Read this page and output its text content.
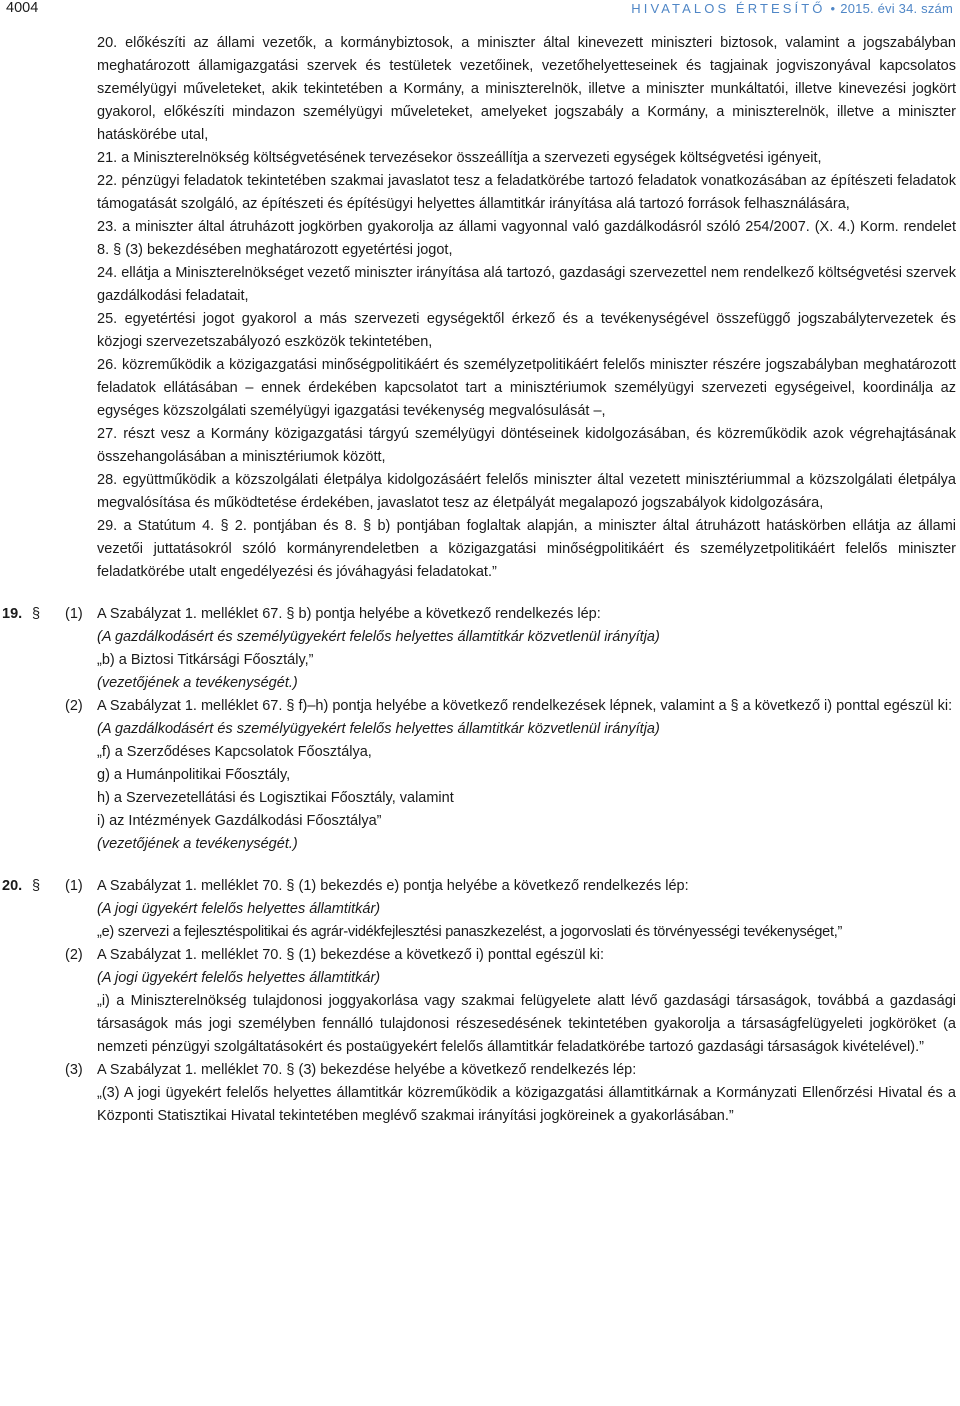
4004	HIVATALOS ÉRTESÍTŐ • 2015. évi 34. szám

20. előkészíti az állami vezetők, a kormánybiztosok, a miniszter által kinevezett miniszteri biztosok, valamint a jogszabályban meghatározott államigazgatási szervek és testületek vezetőinek, vezetőhelyetteseinek és tagjainak jogviszonyával kapcsolatos személyügyi műveleteket, akik tekintetében a Kormány, a miniszterelnök, illetve a miniszter munkáltatói, illetve kinevezési jogkört gyakorol, előkészíti mindazon személyügyi műveleteket, amelyeket jogszabály a Kormány, a miniszterelnök, illetve a miniszter hatáskörébe utal,

21. a Miniszterelnökség költségvetésének tervezésekor összeállítja a szervezeti egységek költségvetési igényeit,

22. pénzügyi feladatok tekintetében szakmai javaslatot tesz a feladatkörébe tartozó feladatok vonatkozásában az építészeti feladatok támogatását szolgáló, az építészeti és építésügyi helyettes államtitkár irányítása alá tartozó források felhasználására,

23. a miniszter által átruházott jogkörben gyakorolja az állami vagyonnal való gazdálkodásról szóló 254/2007. (X. 4.) Korm. rendelet 8. § (3) bekezdésében meghatározott egyetértési jogot,

24. ellátja a Miniszterelnökséget vezető miniszter irányítása alá tartozó, gazdasági szervezettel nem rendelkező költségvetési szervek gazdálkodási feladatait,

25. egyetértési jogot gyakorol a más szervezeti egységektől érkező és a tevékenységével összefüggő jogszabálytervezetek és közjogi szervezetszabályozó eszközök tekintetében,

26. közreműködik a közigazgatási minőségpolitikáért és személyzetpolitikáért felelős miniszter részére jogszabályban meghatározott feladatok ellátásában – ennek érdekében kapcsolatot tart a minisztériumok személyügyi szervezeti egységeivel, koordinálja az egységes közszolgálati személyügyi igazgatási tevékenység megvalósulását –,

27. részt vesz a Kormány közigazgatási tárgyú személyügyi döntéseinek kidolgozásában, és közreműködik azok végrehajtásának összehangolásában a minisztériumok között,

28. együttműködik a közszolgálati életpálya kidolgozásáért felelős miniszter által vezetett minisztériummal a közszolgálati életpálya megvalósítása és működtetése érdekében, javaslatot tesz az életpályát megalapozó jogszabályok kidolgozására,

29. a Statútum 4. § 2. pontjában és 8. § b) pontjában foglaltak alapján, a miniszter által átruházott hatáskörben ellátja az állami vezetői juttatásokról szóló kormányrendeletben a közigazgatási minőségpolitikáért és személyzetpolitikáért felelős miniszter feladatkörébe utalt engedélyezési és jóváhagyási feladatokat.”

19. §	(1) A Szabályzat 1. melléklet 67. § b) pontja helyébe a következő rendelkezés lép:
(A gazdálkodásért és személyügyekért felelős helyettes államtitkár közvetlenül irányítja)
„b) a Biztosi Titkársági Főosztály,”
(vezetőjének a tevékenységét.)
(2) A Szabályzat 1. melléklet 67. § f)–h) pontja helyébe a következő rendelkezések lépnek, valamint a § a következő i) ponttal egészül ki:
(A gazdálkodásért és személyügyekért felelős helyettes államtitkár közvetlenül irányítja)
„f) a Szerződéses Kapcsolatok Főosztálya,
g) a Humánpolitikai Főosztály,
h) a Szervezetellátási és Logisztikai Főosztály, valamint
i) az Intézmények Gazdálkodási Főosztálya”
(vezetőjének a tevékenységét.)
20. §	(1) A Szabályzat 1. melléklet 70. § (1) bekezdés e) pontja helyébe a következő rendelkezés lép:
(A jogi ügyekért felelős helyettes államtitkár)
„e) szervezi a fejlesztéspolitikai és agrár-vidékfejlesztési panaszkezelést, a jogorvoslati és törvényességi tevékenységet,”
(2) A Szabályzat 1. melléklet 70. § (1) bekezdése a következő i) ponttal egészül ki:
(A jogi ügyekért felelős helyettes államtitkár)
„i) a Miniszterelnökség tulajdonosi joggyakorlása vagy szakmai felügyelete alatt lévő gazdasági társaságok, továbbá a gazdasági társaságok más jogi személyben fennálló tulajdonosi részesedésének tekintetében gyakorolja a társaságfelügyeleti jogköröket (a nemzeti pénzügyi szolgáltatásokért és postaügyekért felelős államtitkár feladatkörébe tartozó gazdasági társaságok kivételével).”
(3) A Szabályzat 1. melléklet 70. § (3) bekezdése helyébe a következő rendelkezés lép:
„(3) A jogi ügyekért felelős helyettes államtitkár közreműködik a közigazgatási államtitkárnak a Kormányzati Ellenőrzési Hivatal és a Központi Statisztikai Hivatal tekintetében meglévő szakmai irányítási jogköreinek a gyakorlásában.”
